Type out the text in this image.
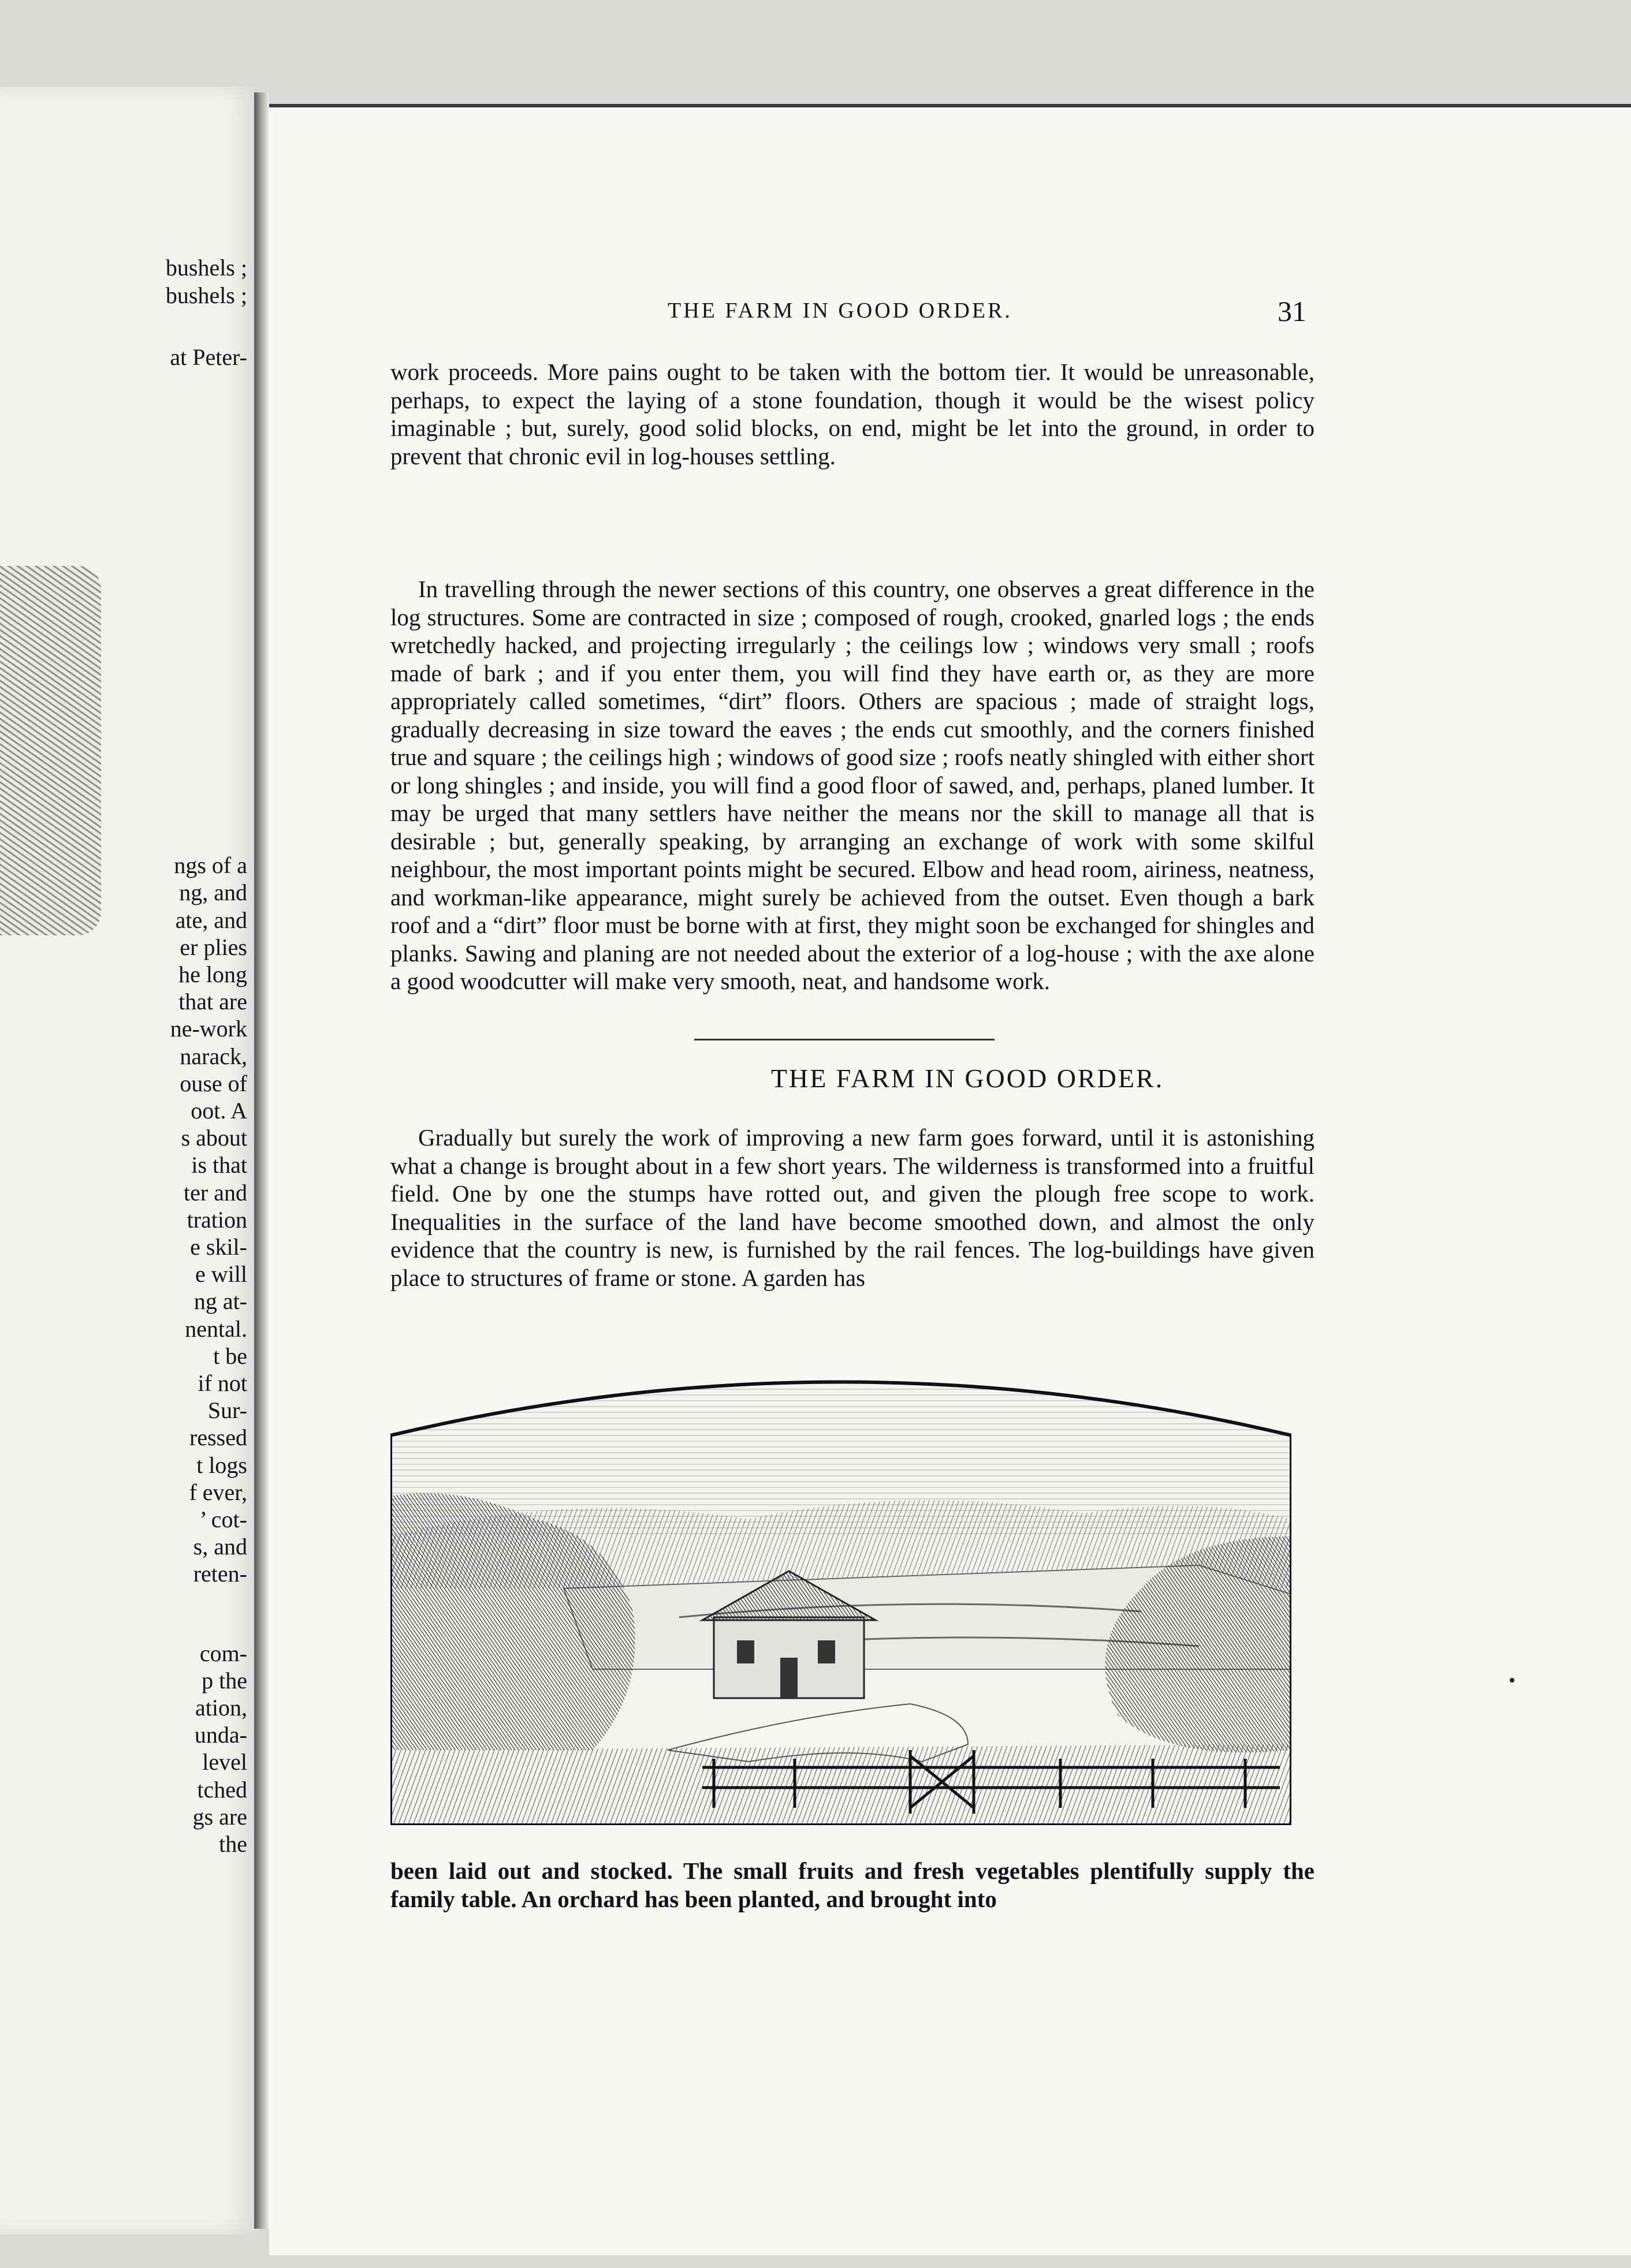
bushels ;
bushels ;
at Peter-
ngs of a
ng, and
ate, and
er plies
he long
that are
ne-work
narack,
ouse of
oot. A
s about
is that
ter and
tration
e skil-
e will
ng at-
nental.
t be
if not
Sur-
ressed
t logs
f ever,
’ cot-
s, and
reten-
com-
p the
ation,
unda-
level
tched
gs are
the
THE FARM IN GOOD ORDER.	31

work proceeds. More pains ought to be taken with the bottom tier. It would be unreasonable, perhaps, to expect the laying of a stone foundation, though it would be the wisest policy imaginable ; but, surely, good solid blocks, on end, might be let into the ground, in order to prevent that chronic evil in log-houses settling.

In travelling through the newer sections of this country, one observes a great difference in the log structures. Some are contracted in size ; composed of rough, crooked, gnarled logs ; the ends wretchedly hacked, and projecting irregularly ; the ceilings low ; windows very small ; roofs made of bark ; and if you enter them, you will find they have earth or, as they are more appropriately called sometimes, “dirt” floors. Others are spacious ; made of straight logs, gradually decreasing in size toward the eaves ; the ends cut smoothly, and the corners finished true and square ; the ceilings high ; windows of good size ; roofs neatly shingled with either short or long shingles ; and inside, you will find a good floor of sawed, and, perhaps, planed lumber. It may be urged that many settlers have neither the means nor the skill to manage all that is desirable ; but, generally speaking, by arranging an exchange of work with some skilful neighbour, the most important points might be secured. Elbow and head room, airiness, neatness, and workman-like appearance, might surely be achieved from the outset. Even though a bark roof and a “dirt” floor must be borne with at first, they might soon be exchanged for shingles and planks. Sawing and planing are not needed about the exterior of a log-house ; with the axe alone a good woodcutter will make very smooth, neat, and handsome work.

THE FARM IN GOOD ORDER.

Gradually but surely the work of improving a new farm goes forward, until it is astonishing what a change is brought about in a few short years. The wilderness is transformed into a fruitful field. One by one the stumps have rotted out, and given the plough free scope to work. Inequalities in the surface of the land have become smoothed down, and almost the only evidence that the country is new, is furnished by the rail fences. The log-buildings have given place to structures of frame or stone. A garden has

been laid out and stocked. The small fruits and fresh vegetables plentifully supply the family table. An orchard has been planted, and brought into
